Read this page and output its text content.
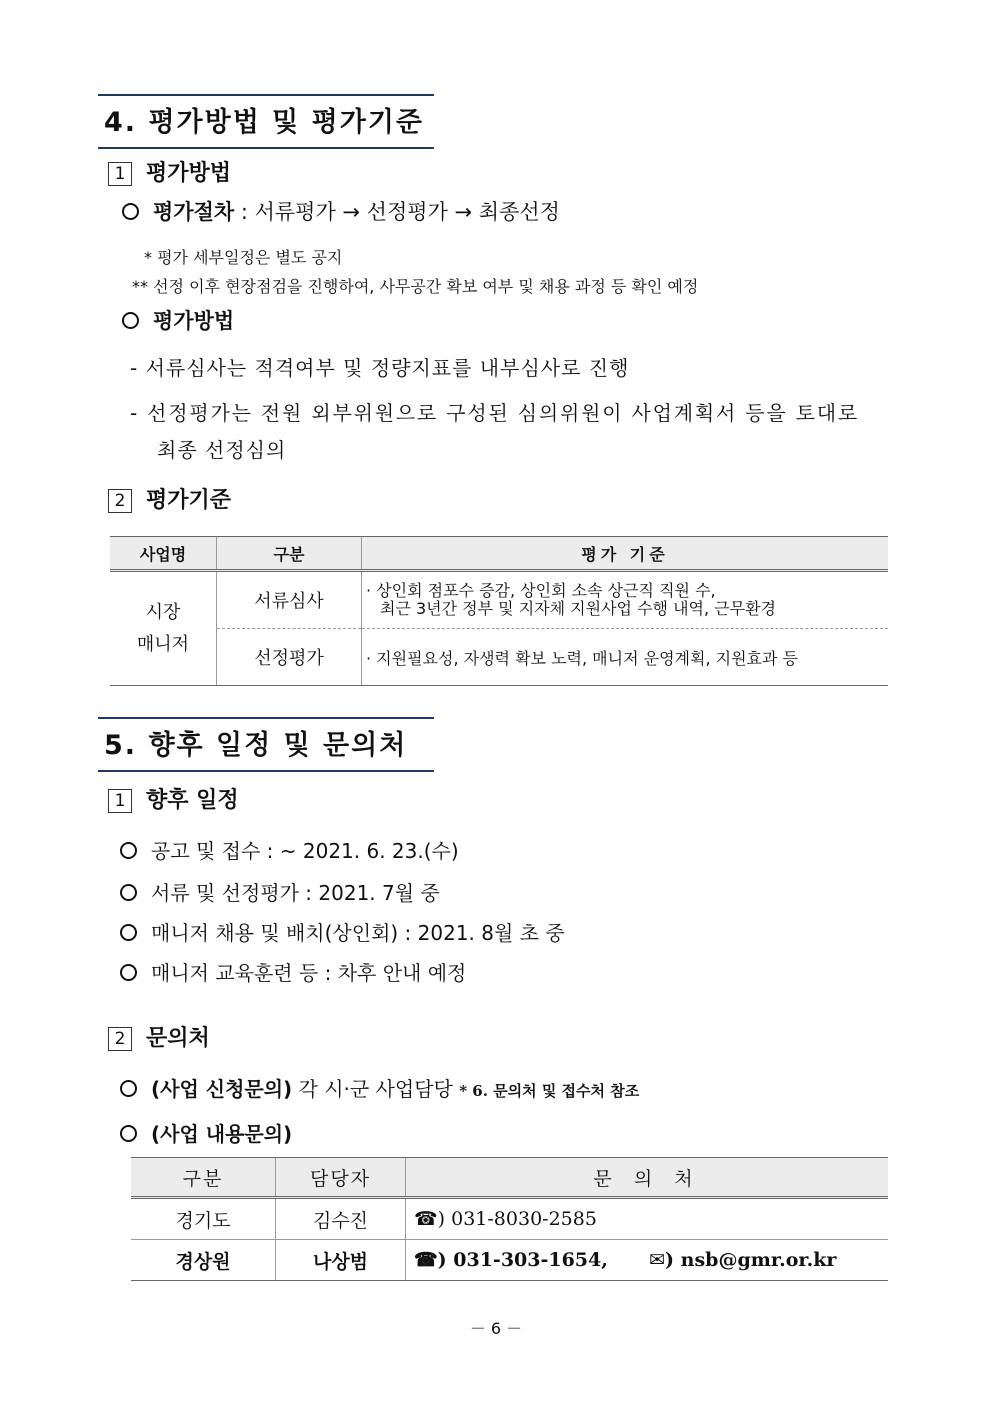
4. 평가방법 및 평가기준
1 평가방법
평가절차 : 서류평가 → 선정평가 → 최종선정
* 평가 세부일정은 별도 공지
** 선정 이후 현장점검을 진행하여, 사무공간 확보 여부 및 채용 과정 등 확인 예정
평가방법
- 서류심사는 적격여부 및 정량지표를 내부심사로 진행
- 선정평가는 전원 외부위원으로 구성된 심의위원이 사업계획서 등을 토대로
최종 선정심의
2 평가기준
사업명	구분	평가 기준
시장
매니저	서류심사	· 상인회 점포수 증감, 상인회 소속 상근직 직원 수,
최근 3년간 정부 및 지자체 지원사업 수행 내역, 근무환경
	선정평가	· 지원필요성, 자생력 확보 노력, 매니저 운영계획, 지원효과 등
5. 향후 일정 및 문의처
1 향후 일정
공고 및 접수 : ~ 2021. 6. 23.(수)
서류 및 선정평가 : 2021. 7월 중
매니저 채용 및 배치(상인회) : 2021. 8월 초 중
매니저 교육훈련 등 : 차후 안내 예정
2 문의처
(사업 신청문의) 각 시·군 사업담당 * 6. 문의처 및 접수처 참조
(사업 내용문의)
구분	담당자	문 의 처
경기도	김수진	☎) 031-8030-2585
경상원	나상범	☎) 031-303-1654, ✉) nsb@gmr.or.kr
－ 6 －
